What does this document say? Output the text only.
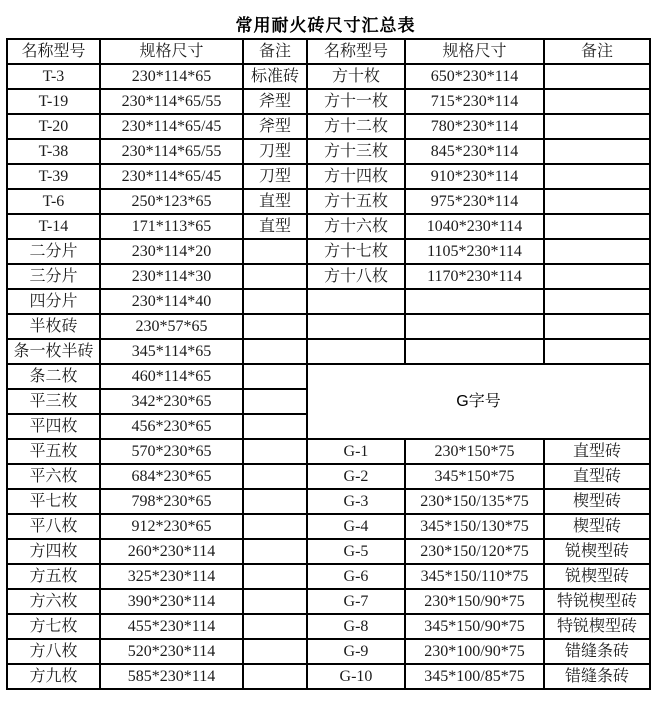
常用耐火砖尺寸汇总表
名称型号	规格尺寸	备注	名称型号	规格尺寸	备注
T-3	230*114*65	标准砖	方十枚	650*230*114	
T-19	230*114*65/55	斧型	方十一枚	715*230*114	
T-20	230*114*65/45	斧型	方十二枚	780*230*114	
T-38	230*114*65/55	刀型	方十三枚	845*230*114	
T-39	230*114*65/45	刀型	方十四枚	910*230*114	
T-6	250*123*65	直型	方十五枚	975*230*114	
T-14	171*113*65	直型	方十六枚	1040*230*114	
二分片	230*114*20		方十七枚	1105*230*114	
三分片	230*114*30		方十八枚	1170*230*114	
四分片	230*114*40				
半枚砖	230*57*65				
条一枚半砖	345*114*65				
条二枚	460*114*65		G字号		
平三枚	342*230*65				
平四枚	456*230*65				
平五枚	570*230*65		G-1	230*150*75	直型砖
平六枚	684*230*65		G-2	345*150*75	直型砖
平七枚	798*230*65		G-3	230*150/135*75	楔型砖
平八枚	912*230*65		G-4	345*150/130*75	楔型砖
方四枚	260*230*114		G-5	230*150/120*75	锐楔型砖
方五枚	325*230*114		G-6	345*150/110*75	锐楔型砖
方六枚	390*230*114		G-7	230*150/90*75	特锐楔型砖
方七枚	455*230*114		G-8	345*150/90*75	特锐楔型砖
方八枚	520*230*114		G-9	230*100/90*75	错缝条砖
方九枚	585*230*114		G-10	345*100/85*75	错缝条砖
